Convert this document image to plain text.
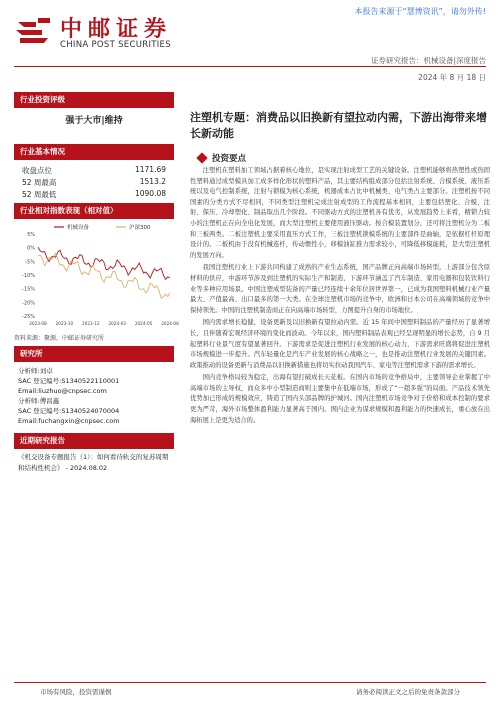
中邮证券
CHINA POST SECURITIES
本报告来源于“慧博资讯”，请勿外传!
证券研究报告：机械设备|深度报告
2024 年 8 月 18 日
行业投资评级
强于大市|维持
行业基本情况
收盘点位	1171.69
52 周最高	1513.2
52 周最低	1090.08
行业相对指数表现（相对值）
5%
0%
-5%
-10%
-15%
-20%
-25%
2023-08 2023-10 2023-12 2024-03 2024-05 2024-08
机械设备	沪深300
资料来源：聚源，中邮证券研究所
研究所
分析师:刘卓
SAC 登记编号:S1340522110001
Email:liuzhuo@cnpsec.com
分析师:傅昌鑫
SAC 登记编号:S1340524070004
Email:fuchangxin@cnpsec.com
近期研究报告
《机交设备专题报告（1）：如何看待轨交的复苏周期和结构性机会》 - 2024.08.02
注塑机专题：消费品以旧换新有望拉动内需，下游出海带来增长新动能
投资要点

注塑机在塑料加工领域占据着核心地位，是实现注射成型工艺的关键设备。注塑机能够将热塑性或热固性塑料通过成型模具加工成多样化形状的塑料产品，其主要结构组成部分包括注射系统、合模系统、液压系统以及电气控制系统，注射与锁模为核心系统，机器成本占比中机械类、电气类占主要部分。注塑机按不同国素的分类方式不尽相同，不同类型注塑机完成注射成型的工作流程基本相同，主要包括塑化、合模、注射、保压、冷却塑化、制品取出几个阶段。不同驱动方式的注塑机各有优劣，从发展趋势上来看，精锁力较小的注塑机正在向全电化发展，而大型注塑机主要使用液压驱动。按合模装置划分，还可将注塑机分为二板和三板两类。二板注塑机主要采用直压方式工作，三板注塑机锁模系统的主要部件是曲轴，是依据杠杆原理设计的。二板机由于没有机械连杆，传动惯性小，移模油缸推力需求较小，可降低移模能耗，是大型注塑机的发展方向。

我国注塑机行业上下游共同构建了成熟的产业生态系统，国产品牌正向高端市场转型。上游部分包含原材料的供应，中游环节涉及到注塑机的实际生产和制造，下游环节涵盖了汽车制造、家用电器和包装饮料行业等多种应用场景。中国注塑成型装备的产量已经连续十余年位居世界第一，已成为我国塑料机械行业产量最大、产值最高、出口最多的第一大类。在全球注塑机市场的竞争中，欧洲和日本公司在高端领域的竞争中保持领先。中国的注塑机制造商正在向高端市场转型，力图提升自身的市场地位。

国内需求增长稳健，设备更新及以旧换新有望拉动内需。近 15 年间中国塑料制品的产量经历了显著增长，且伴随着宏观经济环境的变化而波动。今年以来，国内塑料制品表观已经呈现明显的增长态势，自 9 月起塑料行业景气度有望显著回升。下游需求是促进注塑机行业发展的核心动力，下游需求旺盛将促进注塑机市场规模进一步提升。汽车轻量化是汽车产业发展的核心战略之一，也是推动注塑机行业发展的关键因素。政策推动的设备更新与消费品以旧换新措施也将切实拉动我国汽车、家电等注塑机需求下游的需求增长。

国内竞争格局较为稳定，出海有望打破成长天花板。在国内市场的竞争格局中，主要领导企业掌握了中高端市场的主导权，而众多中小型制造商则主要集中在低端市场，形成了“一超多强”的局面。产品技术领先优势加已形成的规模效应，铸造了国内头部品牌的护城河。国内注塑机市场竞争对于价格和成本控制的要求更为严苛，海外市场整体盈利能力显著高于国内。国内企业为谋求规模和盈利能力的快速成长，重心放在出海拓展上是更为适合的。

市场有风险，投资需谨慎	请务必阅读正文之后的免责条款部分
